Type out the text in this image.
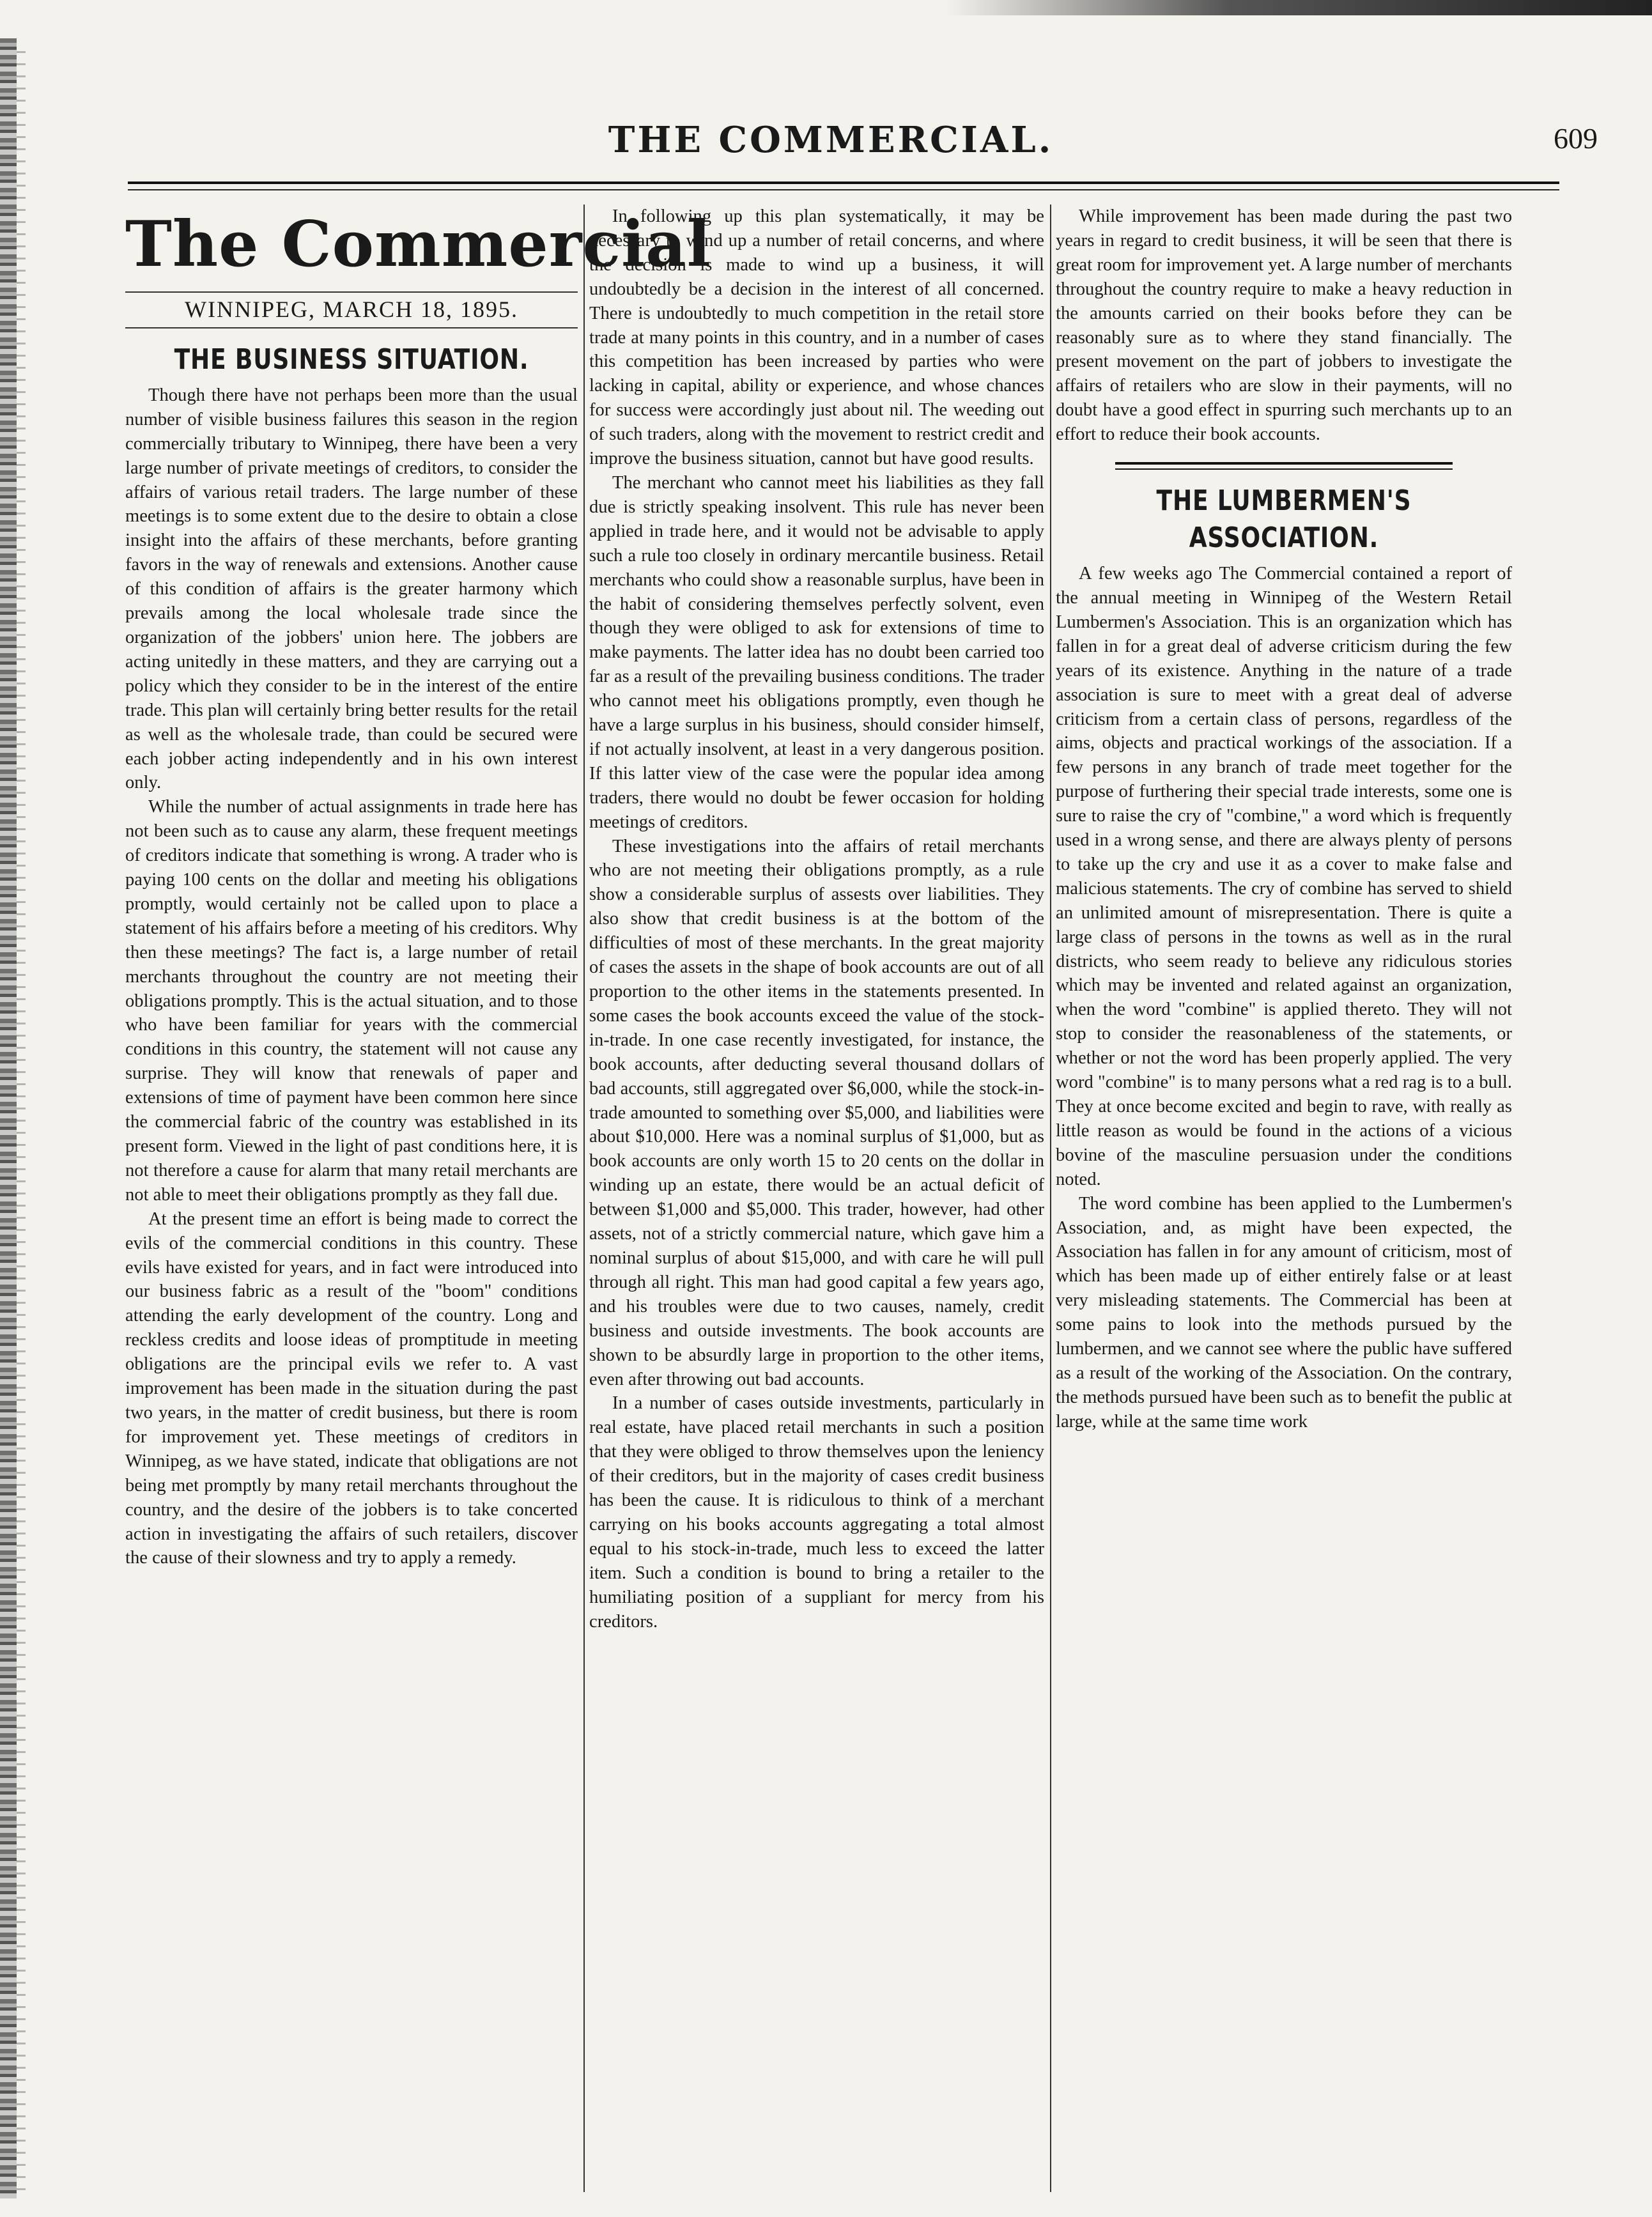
THE COMMERCIAL.	609
The Commercial
WINNIPEG, MARCH 18, 1895.
THE BUSINESS SITUATION.

Though there have not perhaps been more than the usual number of visible business failures this season in the region commercially tributary to Winnipeg, there have been a very large number of private meetings of creditors, to consider the affairs of various retail traders. The large number of these meetings is to some extent due to the desire to obtain a close insight into the affairs of these merchants, before granting favors in the way of renewals and extensions. Another cause of this condition of affairs is the greater harmony which prevails among the local wholesale trade since the organization of the jobbers' union here. The jobbers are acting unitedly in these matters, and they are carrying out a policy which they consider to be in the interest of the entire trade. This plan will certainly bring better results for the retail as well as the wholesale trade, than could be secured were each jobber acting independently and in his own interest only.

While the number of actual assignments in trade here has not been such as to cause any alarm, these frequent meetings of creditors indicate that something is wrong. A trader who is paying 100 cents on the dollar and meeting his obligations promptly, would certainly not be called upon to place a statement of his affairs before a meeting of his creditors. Why then these meetings? The fact is, a large number of retail merchants throughout the country are not meeting their obligations promptly. This is the actual situation, and to those who have been familiar for years with the commercial conditions in this country, the statement will not cause any surprise. They will know that renewals of paper and extensions of time of payment have been common here since the commercial fabric of the country was established in its present form. Viewed in the light of past conditions here, it is not therefore a cause for alarm that many retail merchants are not able to meet their obligations promptly as they fall due.

At the present time an effort is being made to correct the evils of the commercial conditions in this country. These evils have existed for years, and in fact were introduced into our business fabric as a result of the "boom" conditions attending the early development of the country. Long and reckless credits and loose ideas of promptitude in meeting obligations are the principal evils we refer to. A vast improvement has been made in the situation during the past two years, in the matter of credit business, but there is room for improvement yet. These meetings of creditors in Winnipeg, as we have stated, indicate that obligations are not being met promptly by many retail merchants throughout the country, and the desire of the jobbers is to take concerted action in investigating the affairs of such retailers, discover the cause of their slowness and try to apply a remedy.

In following up this plan systematically, it may be necessary to wind up a number of retail concerns, and where the decision is made to wind up a business, it will undoubtedly be a decision in the interest of all concerned. There is undoubtedly to much competition in the retail store trade at many points in this country, and in a number of cases this competition has been increased by parties who were lacking in capital, ability or experience, and whose chances for success were accordingly just about nil. The weeding out of such traders, along with the movement to restrict credit and improve the business situation, cannot but have good results.

The merchant who cannot meet his liabilities as they fall due is strictly speaking insolvent. This rule has never been applied in trade here, and it would not be advisable to apply such a rule too closely in ordinary mercantile business. Retail merchants who could show a reasonable surplus, have been in the habit of considering themselves perfectly solvent, even though they were obliged to ask for extensions of time to make payments. The latter idea has no doubt been carried too far as a result of the prevailing business conditions. The trader who cannot meet his obligations promptly, even though he have a large surplus in his business, should consider himself, if not actually insolvent, at least in a very dangerous position. If this latter view of the case were the popular idea among traders, there would no doubt be fewer occasion for holding meetings of creditors.

These investigations into the affairs of retail merchants who are not meeting their obligations promptly, as a rule show a considerable surplus of assests over liabilities. They also show that credit business is at the bottom of the difficulties of most of these merchants. In the great majority of cases the assets in the shape of book accounts are out of all proportion to the other items in the statements presented. In some cases the book accounts exceed the value of the stock-in-trade. In one case recently investigated, for instance, the book accounts, after deducting several thousand dollars of bad accounts, still aggregated over $6,000, while the stock-in-trade amounted to something over $5,000, and liabilities were about $10,000. Here was a nominal surplus of $1,000, but as book accounts are only worth 15 to 20 cents on the dollar in winding up an estate, there would be an actual deficit of between $1,000 and $5,000. This trader, however, had other assets, not of a strictly commercial nature, which gave him a nominal surplus of about $15,000, and with care he will pull through all right. This man had good capital a few years ago, and his troubles were due to two causes, namely, credit business and outside investments. The book accounts are shown to be absurdly large in proportion to the other items, even after throwing out bad accounts.

In a number of cases outside investments, particularly in real estate, have placed retail merchants in such a position that they were obliged to throw themselves upon the leniency of their creditors, but in the majority of cases credit business has been the cause. It is ridiculous to think of a merchant carrying on his books accounts aggregating a total almost equal to his stock-in-trade, much less to exceed the latter item. Such a condition is bound to bring a retailer to the humiliating position of a suppliant for mercy from his creditors.

While improvement has been made during the past two years in regard to credit business, it will be seen that there is great room for improvement yet. A large number of merchants throughout the country require to make a heavy reduction in the amounts carried on their books before they can be reasonably sure as to where they stand financially. The present movement on the part of jobbers to investigate the affairs of retailers who are slow in their payments, will no doubt have a good effect in spurring such merchants up to an effort to reduce their book accounts.

THE LUMBERMEN'S ASSOCIATION.

A few weeks ago The Commercial contained a report of the annual meeting in Winnipeg of the Western Retail Lumbermen's Association. This is an organization which has fallen in for a great deal of adverse criticism during the few years of its existence. Anything in the nature of a trade association is sure to meet with a great deal of adverse criticism from a certain class of persons, regardless of the aims, objects and practical workings of the association. If a few persons in any branch of trade meet together for the purpose of furthering their special trade interests, some one is sure to raise the cry of "combine," a word which is frequently used in a wrong sense, and there are always plenty of persons to take up the cry and use it as a cover to make false and malicious statements. The cry of combine has served to shield an unlimited amount of misrepresentation. There is quite a large class of persons in the towns as well as in the rural districts, who seem ready to believe any ridiculous stories which may be invented and related against an organization, when the word "combine" is applied thereto. They will not stop to consider the reasonableness of the statements, or whether or not the word has been properly applied. The very word "combine" is to many persons what a red rag is to a bull. They at once become excited and begin to rave, with really as little reason as would be found in the actions of a vicious bovine of the masculine persuasion under the conditions noted.

The word combine has been applied to the Lumbermen's Association, and, as might have been expected, the Association has fallen in for any amount of criticism, most of which has been made up of either entirely false or at least very misleading statements. The Commercial has been at some pains to look into the methods pursued by the lumbermen, and we cannot see where the public have suffered as a result of the working of the Association. On the contrary, the methods pursued have been such as to benefit the public at large, while at the same time work
